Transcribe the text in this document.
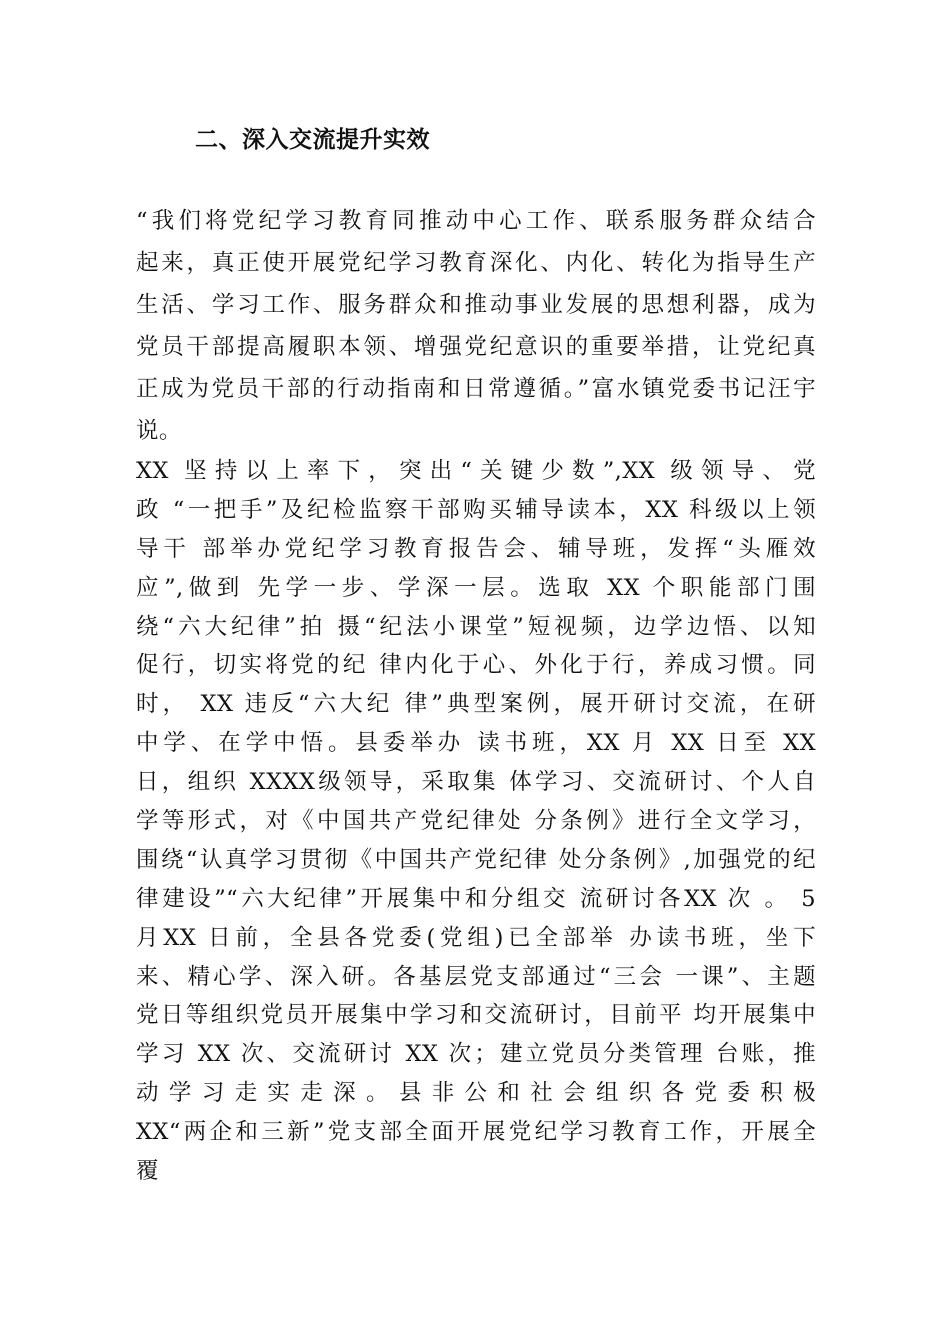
二、深入交流提升实效
“我们将党纪学习教育同推动中心工作、联系服务群众结合
起来，真正使开展党纪学习教育深化、内化、转化为指导生产
生活、学习工作、服务群众和推动事业发展的思想利器，成为
党员干部提高履职本领、增强党纪意识的重要举措，让党纪真
正成为党员干部的行动指南和日常遵循。”富水镇党委书记汪宇
说。
XX 坚持以上率下，突出“关键少数”,XX 级领导、党
政 “一把手”及纪检监察干部购买辅导读本，XX 科级以上领
导干 部举办党纪学习教育报告会、辅导班，发挥“头雁效
应”,做到 先学一步、学深一层。选取 XX 个职能部门围
绕“六大纪律”拍 摄“纪法小课堂”短视频，边学边悟、以知
促行，切实将党的纪 律内化于心、外化于行，养成习惯。同
时， XX 违反“六大纪 律”典型案例，展开研讨交流，在研
中学、在学中悟。县委举办 读书班，XX 月 XX 日至 XX
日，组织 XXXX级领导，采取集 体学习、交流研讨、个人自
学等形式，对《中国共产党纪律处 分条例》进行全文学习，
围绕“认真学习贯彻《中国共产党纪律 处分条例》,加强党的纪
律建设”“六大纪律”开展集中和分组交 流研讨各XX 次 。 5
月XX 日前，全县各党委(党组)已全部举 办读书班，坐下
来、精心学、深入研。各基层党支部通过“三会 一课”、主题
党日等组织党员开展集中学习和交流研讨，目前平 均开展集中
学习 XX 次、交流研讨 XX 次；建立党员分类管理 台账，推
动学习走实走深。县非公和社会组织各党委积极
XX“两企和三新”党支部全面开展党纪学习教育工作，开展全
覆
